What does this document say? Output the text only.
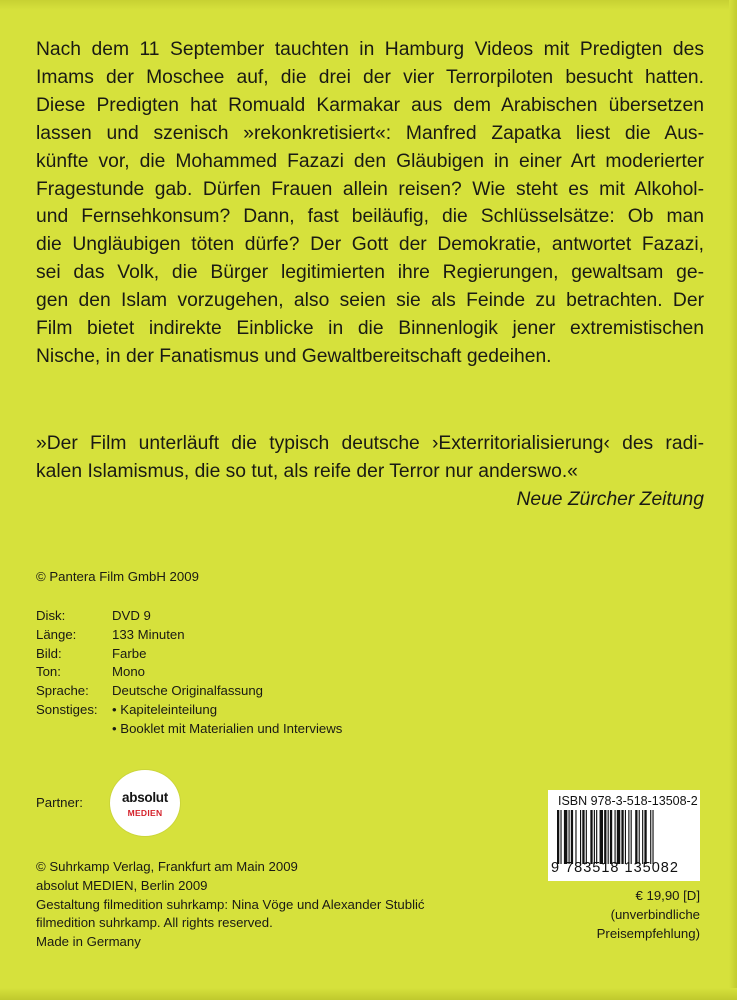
Nach dem 11 September tauchten in Hamburg Videos mit Predigten des
Imams der Moschee auf, die drei der vier Terrorpiloten besucht hatten.
Diese Predigten hat Romuald Karmakar aus dem Arabischen übersetzen
lassen und szenisch »rekonkretisiert«: Manfred Zapatka liest die Aus-
künfte vor, die Mohammed Fazazi den Gläubigen in einer Art moderierter
Fragestunde gab. Dürfen Frauen allein reisen? Wie steht es mit Alkohol-
und Fernsehkonsum? Dann, fast beiläufig, die Schlüsselsätze: Ob man
die Ungläubigen töten dürfe? Der Gott der Demokratie, antwortet Fazazi,
sei das Volk, die Bürger legitimierten ihre Regierungen, gewaltsam ge-
gen den Islam vorzugehen, also seien sie als Feinde zu betrachten. Der
Film bietet indirekte Einblicke in die Binnenlogik jener extremistischen
Nische, in der Fanatismus und Gewaltbereitschaft gedeihen.
»Der Film unterläuft die typisch deutsche ›Exterritorialisierung‹ des radi-
kalen Islamismus, die so tut, als reife der Terror nur anderswo.«
Neue Zürcher Zeitung
© Pantera Film GmbH 2009
Disk:	DVD 9
Länge:	133 Minuten
Bild:	Farbe
Ton:	Mono
Sprache:	Deutsche Originalfassung
Sonstiges:	• Kapiteleinteilung
• Booklet mit Materialien und Interviews
Partner:	absolut
MEDIEN
© Suhrkamp Verlag, Frankfurt am Main 2009
absolut MEDIEN, Berlin 2009
Gestaltung filmedition suhrkamp: Nina Vöge und Alexander Stublić
filmedition suhrkamp. All rights reserved.
Made in Germany
ISBN 978-3-518-13508-2
9 783518 135082
€ 19,90 [D]
(unverbindliche
Preisempfehlung)
